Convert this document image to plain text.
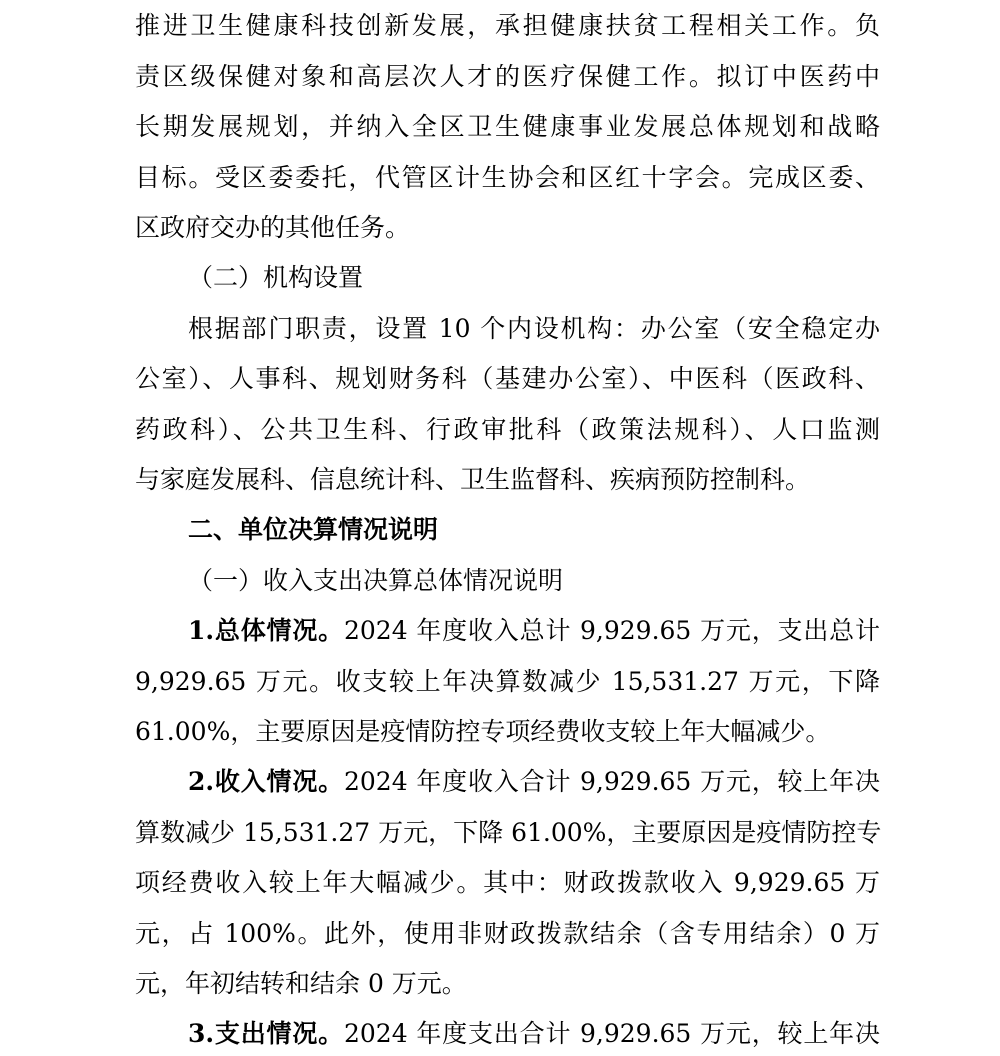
推进卫生健康科技创新发展，承担健康扶贫工程相关工作。负
责区级保健对象和高层次人才的医疗保健工作。拟订中医药中
长期发展规划，并纳入全区卫生健康事业发展总体规划和战略
目标。受区委委托，代管区计生协会和区红十字会。完成区委、
区政府交办的其他任务。
（二）机构设置
根据部门职责，设置 10 个内设机构：办公室（安全稳定办
公室）、人事科、规划财务科（基建办公室）、中医科（医政科、
药政科）、公共卫生科、行政审批科（政策法规科）、人口监测
与家庭发展科、信息统计科、卫生监督科、疾病预防控制科。
二、单位决算情况说明
（一）收入支出决算总体情况说明
1.总体情况。2024 年度收入总计 9,929.65 万元，支出总计
9,929.65 万元。收支较上年决算数减少 15,531.27 万元，下降
61.00%，主要原因是疫情防控专项经费收支较上年大幅减少。
2.收入情况。2024 年度收入合计 9,929.65 万元，较上年决
算数减少 15,531.27 万元，下降 61.00%，主要原因是疫情防控专
项经费收入较上年大幅减少。其中：财政拨款收入 9,929.65 万
元，占 100%。此外，使用非财政拨款结余（含专用结余）0 万
元，年初结转和结余 0 万元。
3.支出情况。2024 年度支出合计 9,929.65 万元，较上年决
